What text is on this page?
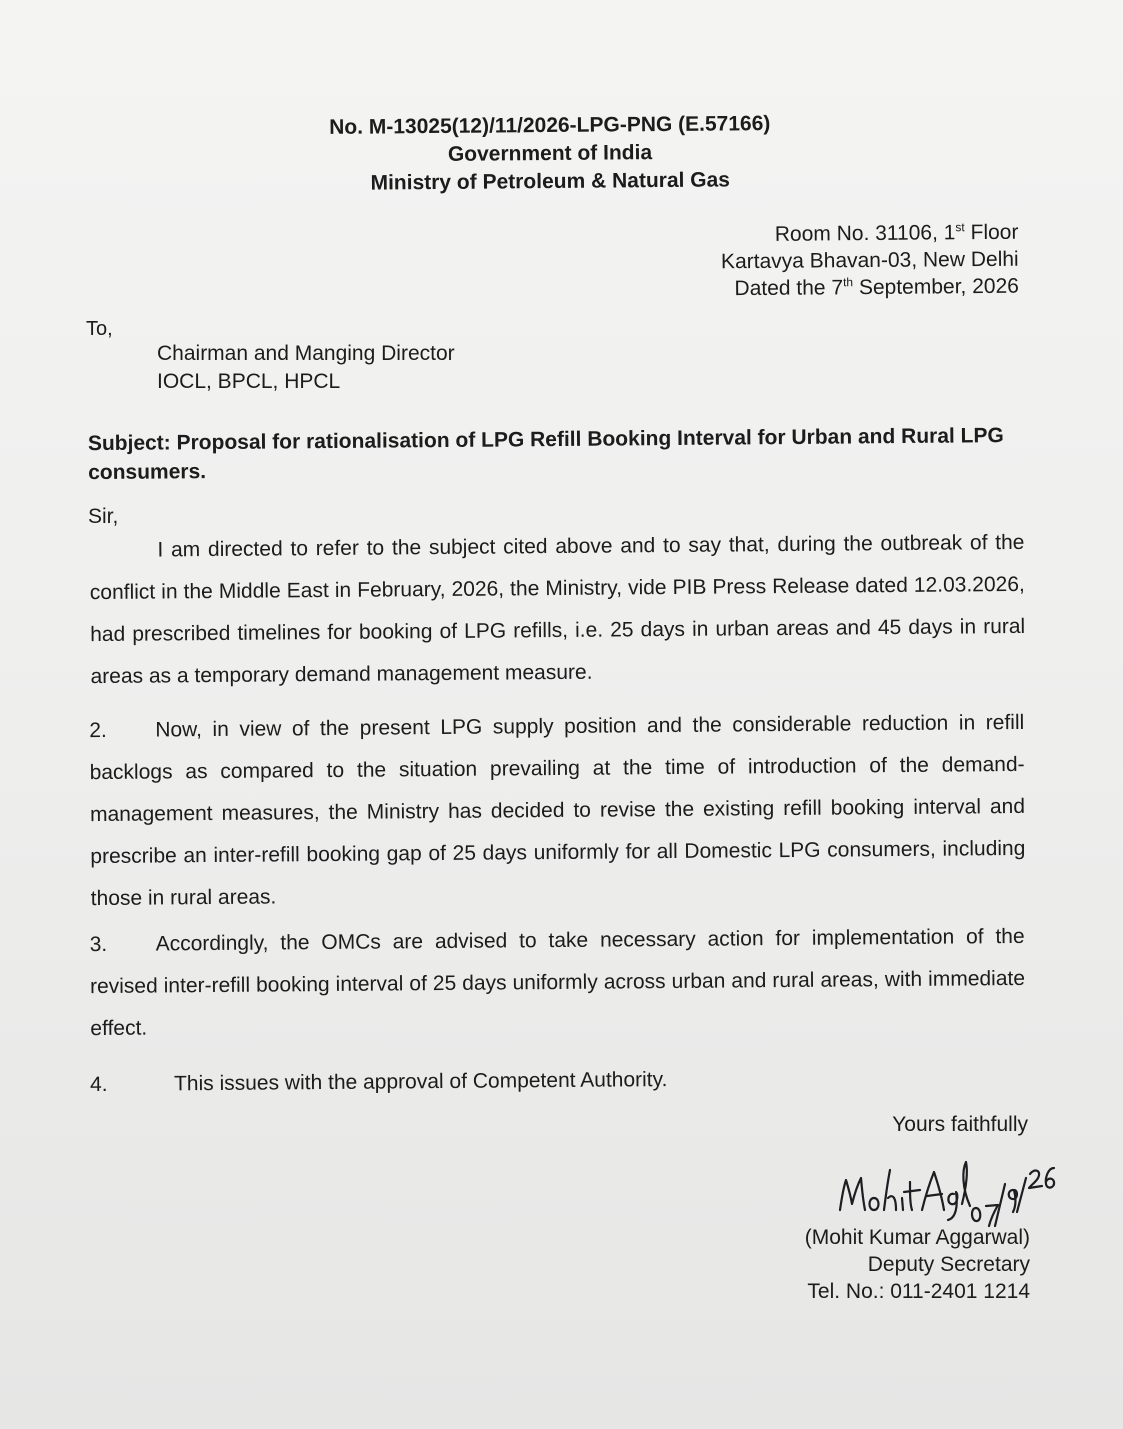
No. M-13025(12)/11/2026-LPG-PNG (E.57166)
Government of India
Ministry of Petroleum & Natural Gas
Room No. 31106, 1st Floor
Kartavya Bhavan-03, New Delhi
Dated the 7th September, 2026
To,
Chairman and Manging Director
IOCL, BPCL, HPCL
Subject: Proposal for rationalisation of LPG Refill Booking Interval for Urban and Rural LPG consumers.
Sir,
I am directed to refer to the subject cited above and to say that, during the outbreak of the conflict in the Middle East in February, 2026, the Ministry, vide PIB Press Release dated 12.03.2026, had prescribed timelines for booking of LPG refills, i.e. 25 days in urban areas and 45 days in rural areas as a temporary demand management measure.
2. Now, in view of the present LPG supply position and the considerable reduction in refill backlogs as compared to the situation prevailing at the time of introduction of the demand-management measures, the Ministry has decided to revise the existing refill booking interval and prescribe an inter-refill booking gap of 25 days uniformly for all Domestic LPG consumers, including those in rural areas.
3. Accordingly, the OMCs are advised to take necessary action for implementation of the revised inter-refill booking interval of 25 days uniformly across urban and rural areas, with immediate effect.
4.	This issues with the approval of Competent Authority.
Yours faithfully
(Mohit Kumar Aggarwal)
Deputy Secretary
Tel. No.: 011-2401 1214
